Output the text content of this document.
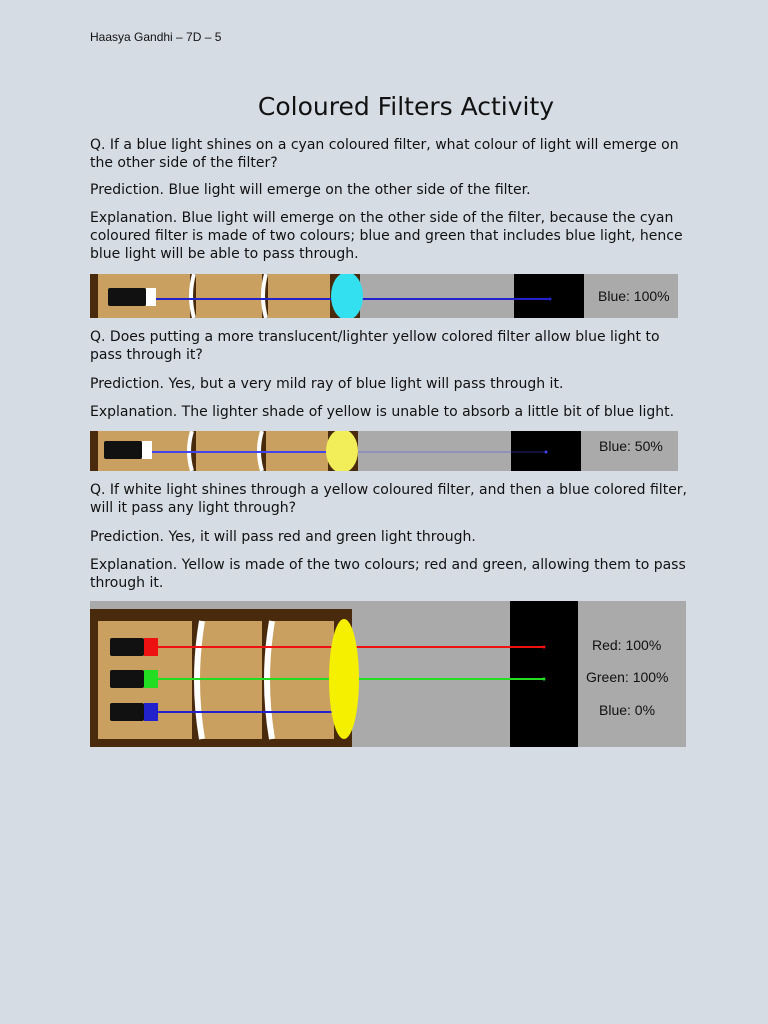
Haasya Gandhi – 7D – 5
Coloured Filters Activity

Q. If a blue light shines on a cyan coloured filter, what colour of light will emerge on the other side of the filter?

Prediction. Blue light will emerge on the other side of the filter.

Explanation. Blue light will emerge on the other side of the filter, because the cyan coloured filter is made of two colours; blue and green that includes blue light, hence blue light will be able to pass through.

Blue: 100%

Q. Does putting a more translucent/lighter yellow colored filter allow blue light to pass through it?

Prediction. Yes, but a very mild ray of blue light will pass through it.

Explanation. The lighter shade of yellow is unable to absorb a little bit of blue light.

Blue: 50%

Q. If white light shines through a yellow coloured filter, and then a blue colored filter, will it pass any light through?

Prediction. Yes, it will pass red and green light through.

Explanation. Yellow is made of the two colours; red and green, allowing them to pass through it.

Red: 100%
Green: 100%
Blue: 0%
